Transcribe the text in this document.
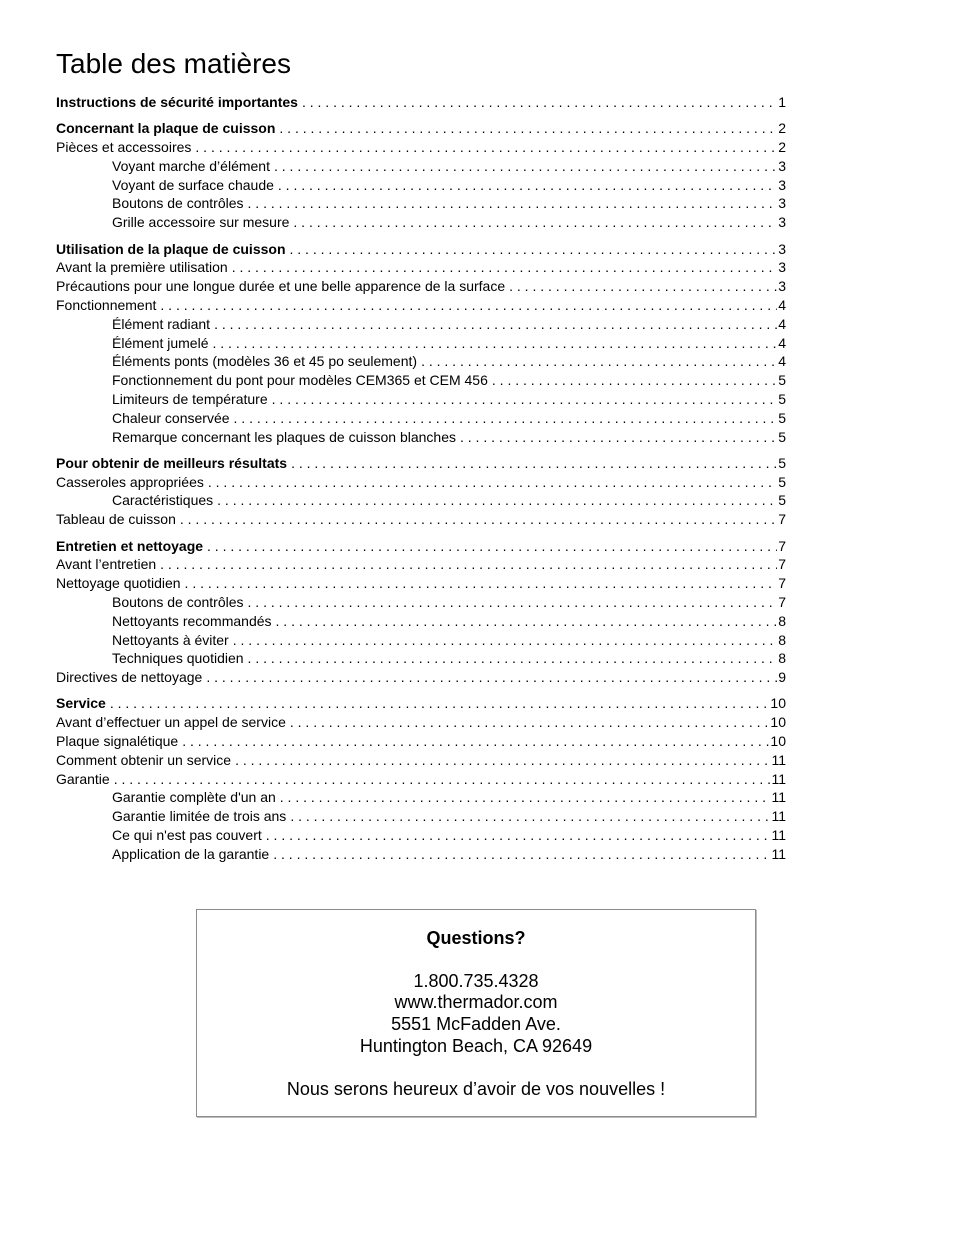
Table des matières
Instructions de sécurité importantes . . .	1
Concernant la plaque de cuisson . . .	2
Pièces et accessoires . . .	2
Voyant marche d’élément . . .	3
Voyant de surface chaude . . .	3
Boutons de contrôles . . .	3
Grille accessoire sur mesure . . .	3
Utilisation de la plaque de cuisson . . .	3
Avant la première utilisation . . .	3
Précautions pour une longue durée et une belle apparence de la surface . . .	3
Fonctionnement . . .	4
Élément radiant . . .	4
Élément jumelé . . .	4
Éléments ponts (modèles 36 et 45 po seulement) . . .	4
Fonctionnement du pont pour modèles CEM365 et CEM 456 . . .	5
Limiteurs de température . . .	5
Chaleur conservée . . .	5
Remarque concernant les plaques de cuisson blanches . . .	5
Pour obtenir de meilleurs résultats . . .	5
Casseroles appropriées . . .	5
Caractéristiques . . .	5
Tableau de cuisson . . .	7
Entretien et nettoyage . . .	7
Avant l’entretien . . .	7
Nettoyage quotidien . . .	7
Boutons de contrôles . . .	7
Nettoyants recommandés . . .	8
Nettoyants à éviter . . .	8
Techniques quotidien . . .	8
Directives de nettoyage . . .	9
Service . . .	10
Avant d’effectuer un appel de service . . .	10
Plaque signalétique . . .	10
Comment obtenir un service . . .	11
Garantie . . .	11
Garantie complète d'un an . . .	11
Garantie limitée de trois ans . . .	11
Ce qui n'est pas couvert . . .	11
Application de la garantie . . .	11
Questions?
1.800.735.4328
www.thermador.com
5551 McFadden Ave.
Huntington Beach, CA 92649
Nous serons heureux d’avoir de vos nouvelles !
